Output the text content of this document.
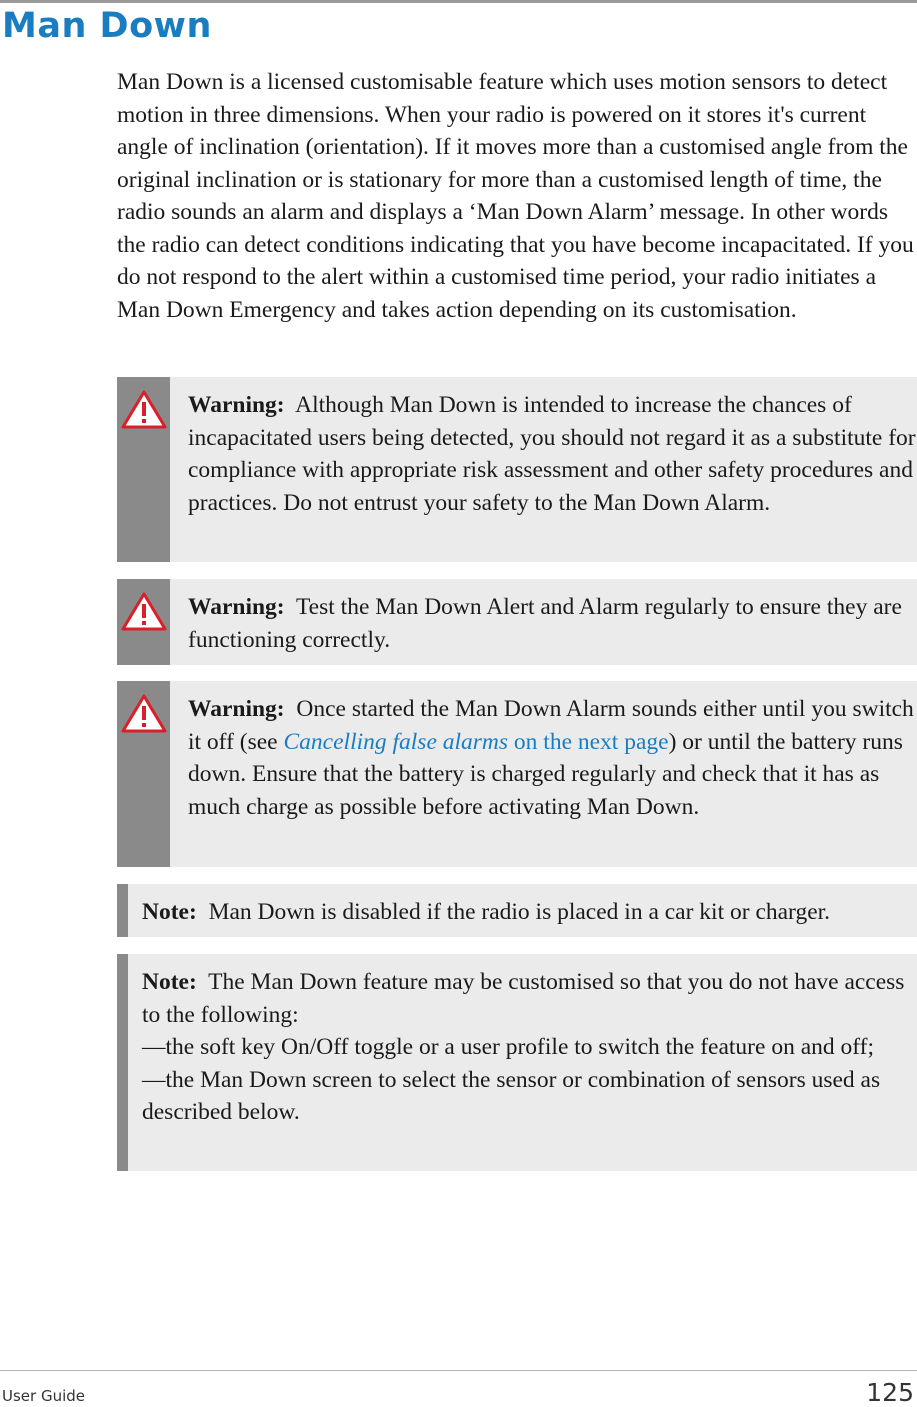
Man Down

Man Down is a licensed customisable feature which uses motion sensors to detect motion in three dimensions. When your radio is powered on it stores it's current angle of inclination (orientation). If it moves more than a customised angle from the original inclination or is stationary for more than a customised length of time, the radio sounds an alarm and displays a ‘Man Down Alarm’ message. In other words the radio can detect conditions indicating that you have become incapacitated. If you do not respond to the alert within a customised time period, your radio initiates a Man Down Emergency and takes action depending on its customisation.

Warning: Although Man Down is intended to increase the chances of incapacitated users being detected, you should not regard it as a substitute for compliance with appropriate risk assessment and other safety procedures and practices. Do not entrust your safety to the Man Down Alarm.
Warning: Test the Man Down Alert and Alarm regularly to ensure they are functioning correctly.
Warning: Once started the Man Down Alarm sounds either until you switch it off (see Cancelling false alarms on the next page) or until the battery runs down. Ensure that the battery is charged regularly and check that it has as much charge as possible before activating Man Down.
Note: Man Down is disabled if the radio is placed in a car kit or charger.
Note: The Man Down feature may be customised so that you do not have access to the following:
—the soft key On/Off toggle or a user profile to switch the feature on and off;
—the Man Down screen to select the sensor or combination of sensors used as described below.
User Guide	125
